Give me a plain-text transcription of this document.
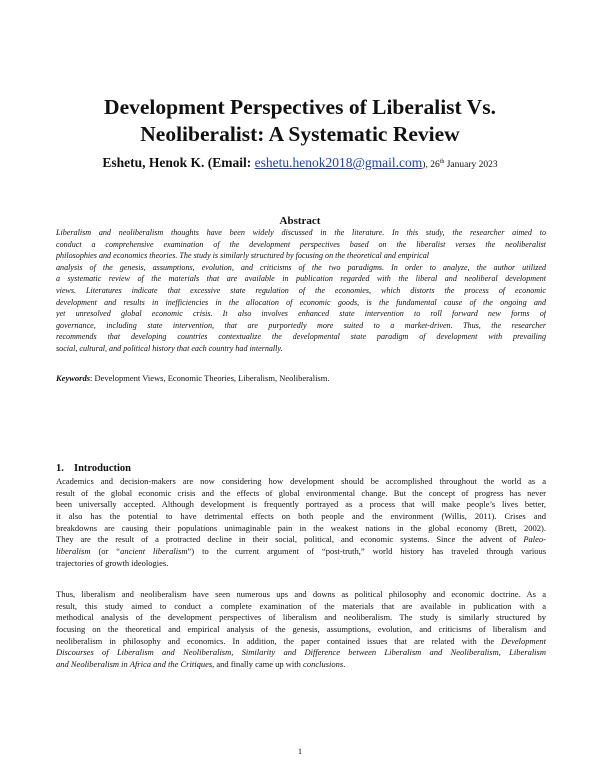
Development Perspectives of Liberalist Vs.
Neoliberalist: A Systematic Review
Eshetu, Henok K. (Email: eshetu.henok2018@gmail.com), 26th January 2023
Abstract
Liberalism and neoliberalism thoughts have been widely discussed in the literature. In this study, the researcher aimed to
conduct a comprehensive examination of the development perspectives based on the liberalist verses the neoliberalist
philosophies and economics theories. The study is similarly structured by focusing on the theoretical and empirical
analysis of the genesis, assumptions, evolution, and criticisms of the two paradigms. In order to analyze, the author utilized
a systematic review of the materials that are available in publication regarded with the liberal and neoliberal development
views. Literatures indicate that excessive state regulation of the economies, which distorts the process of economic
development and results in inefficiencies in the allocation of economic goods, is the fundamental cause of the ongoing and
yet unresolved global economic crisis. It also involves enhanced state intervention to roll forward new forms of
governance, including state intervention, that are purportedly more suited to a market-driven. Thus, the researcher
recommends that developing countries contextualize the developmental state paradigm of development with prevailing
social, cultural, and political history that each country had internally.
Keywords: Development Views, Economic Theories, Liberalism, Neoliberalism.
1. Introduction
Academics and decision-makers are now considering how development should be accomplished throughout the world as a
result of the global economic crisis and the effects of global environmental change. But the concept of progress has never
been universally accepted. Although development is frequently portrayed as a process that will make people’s lives better,
it also has the potential to have detrimental effects on both people and the environment (Willis, 2011). Crises and
breakdowns are causing their populations unimaginable pain in the weakest nations in the global economy (Brett, 2002).
They are the result of a protracted decline in their social, political, and economic systems. Since the advent of Paleo-
liberalism (or “ancient liberalism”) to the current argument of “post-truth,” world history has traveled through various
trajectories of growth ideologies.
Thus, liberalism and neoliberalism have seen numerous ups and downs as political philosophy and economic doctrine. As a
result, this study aimed to conduct a complete examination of the materials that are available in publication with a
methodical analysis of the development perspectives of liberalism and neoliberalism. The study is similarly structured by
focusing on the theoretical and empirical analysis of the genesis, assumptions, evolution, and criticisms of liberalism and
neoliberalism in philosophy and economics. In addition, the paper contained issues that are related with the Development
Discourses of Liberalism and Neoliberalism, Similarity and Difference between Liberalism and Neoliberalism, Liberalism
and Neoliberalism in Africa and the Critiques, and finally came up with conclusions.
1
